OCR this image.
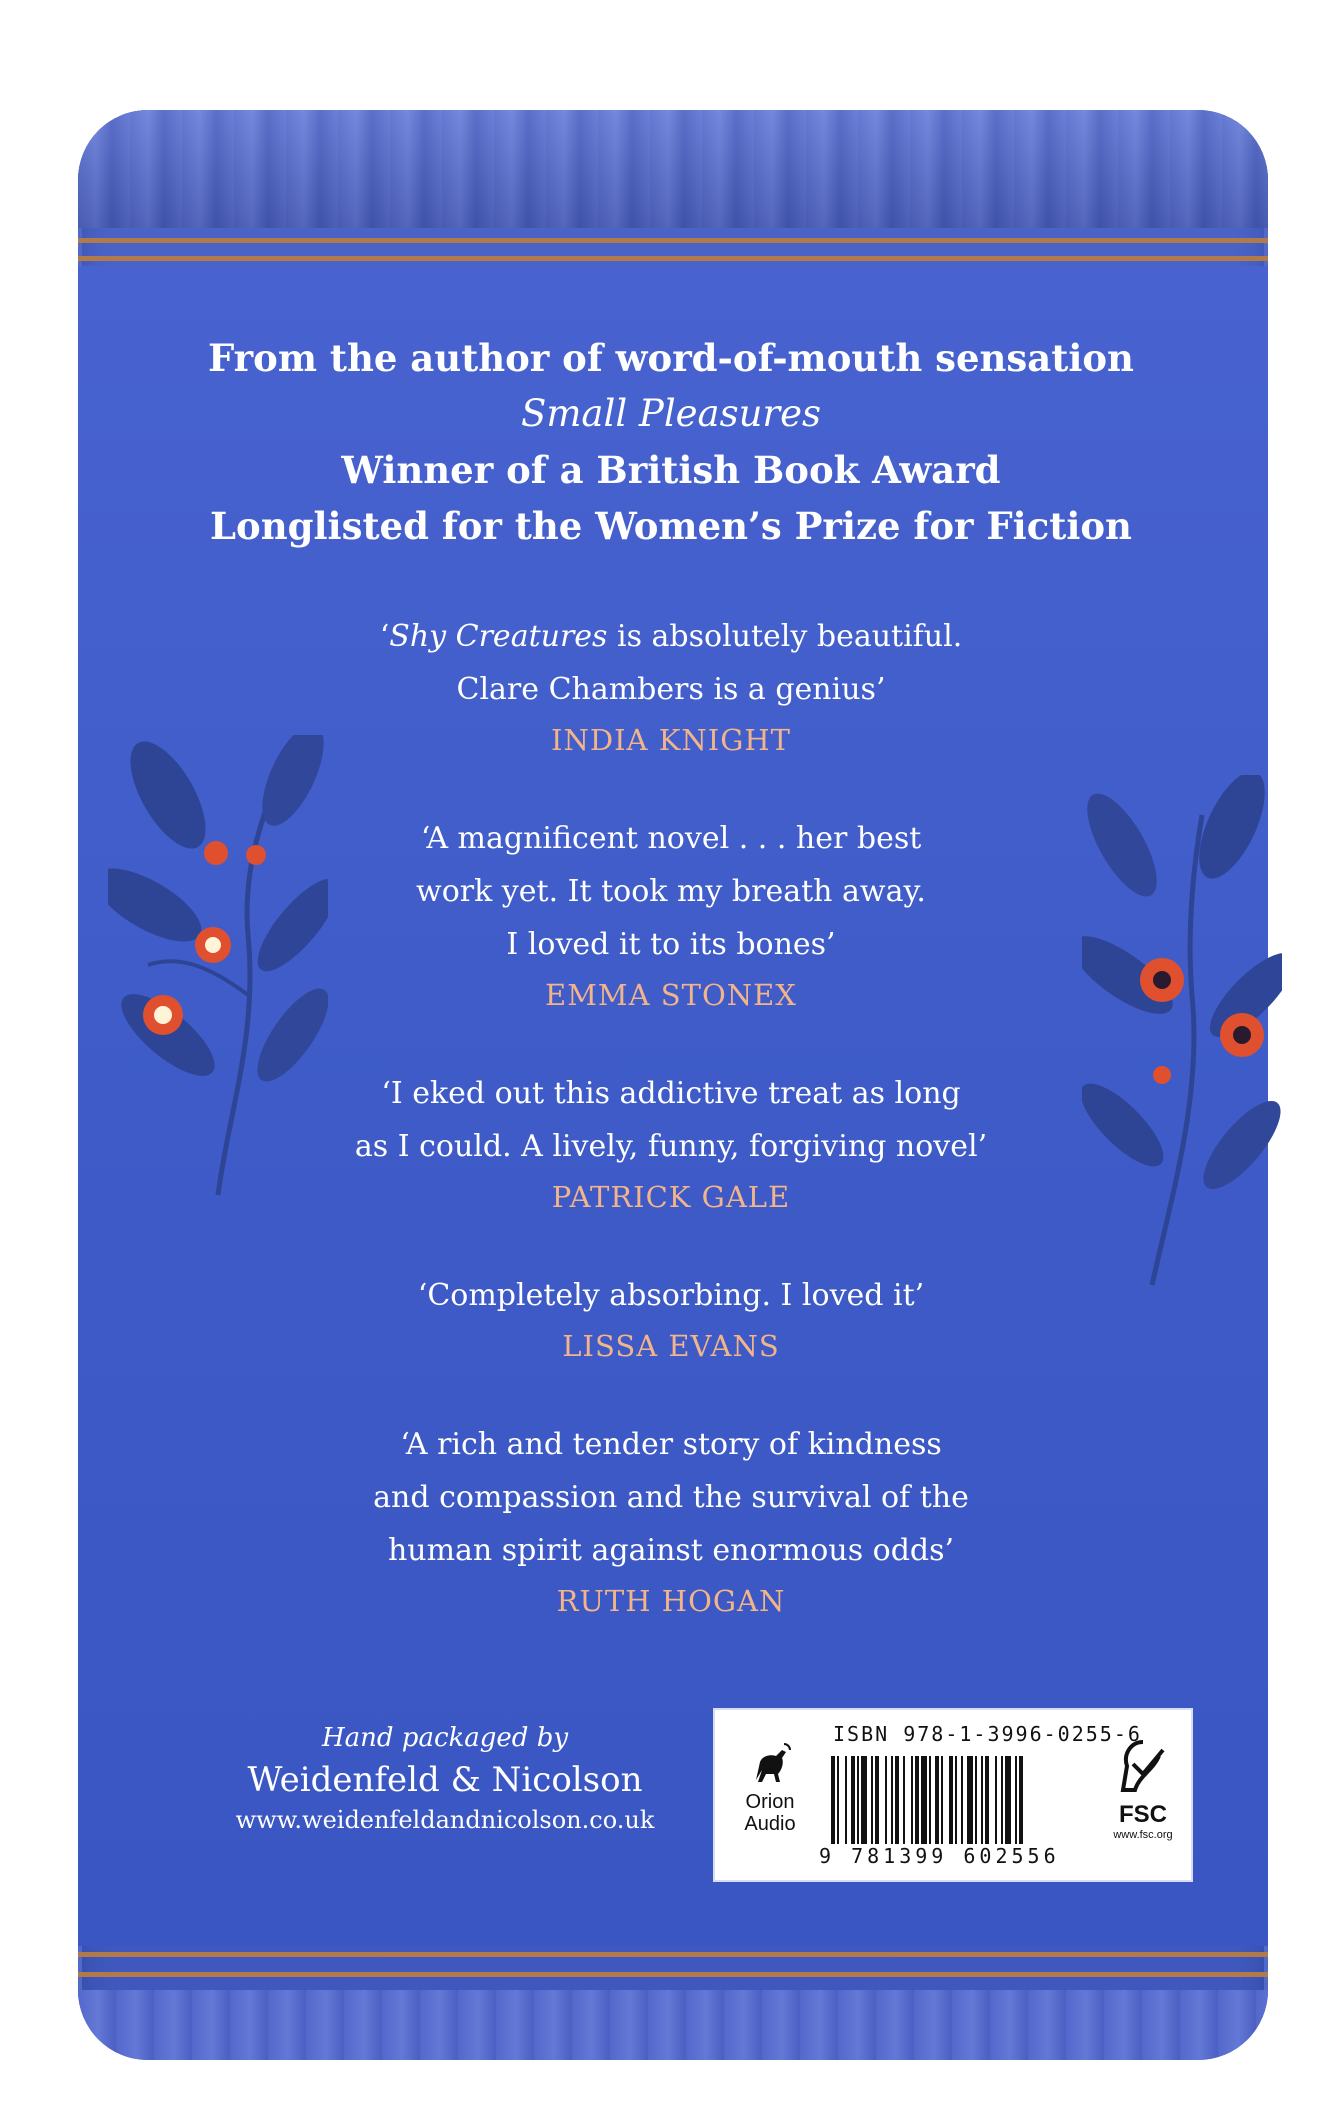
From the author of word-of-mouth sensation
Small Pleasures
Winner of a British Book Award
Longlisted for the Women’s Prize for Fiction
‘Shy Creatures is absolutely beautiful.
Clare Chambers is a genius’
INDIA KNIGHT
‘A magnificent novel . . . her best
work yet. It took my breath away.
I loved it to its bones’
EMMA STONEX
‘I eked out this addictive treat as long
as I could. A lively, funny, forgiving novel’
PATRICK GALE
‘Completely absorbing. I loved it’
LISSA EVANS
‘A rich and tender story of kindness
and compassion and the survival of the
human spirit against enormous odds’
RUTH HOGAN
Hand packaged by
Weidenfeld & Nicolson
www.weidenfeldandnicolson.co.uk
Orion
Audio
ISBN 978-1-3996-0255-6
9 781399 602556
FSC
www.fsc.org
